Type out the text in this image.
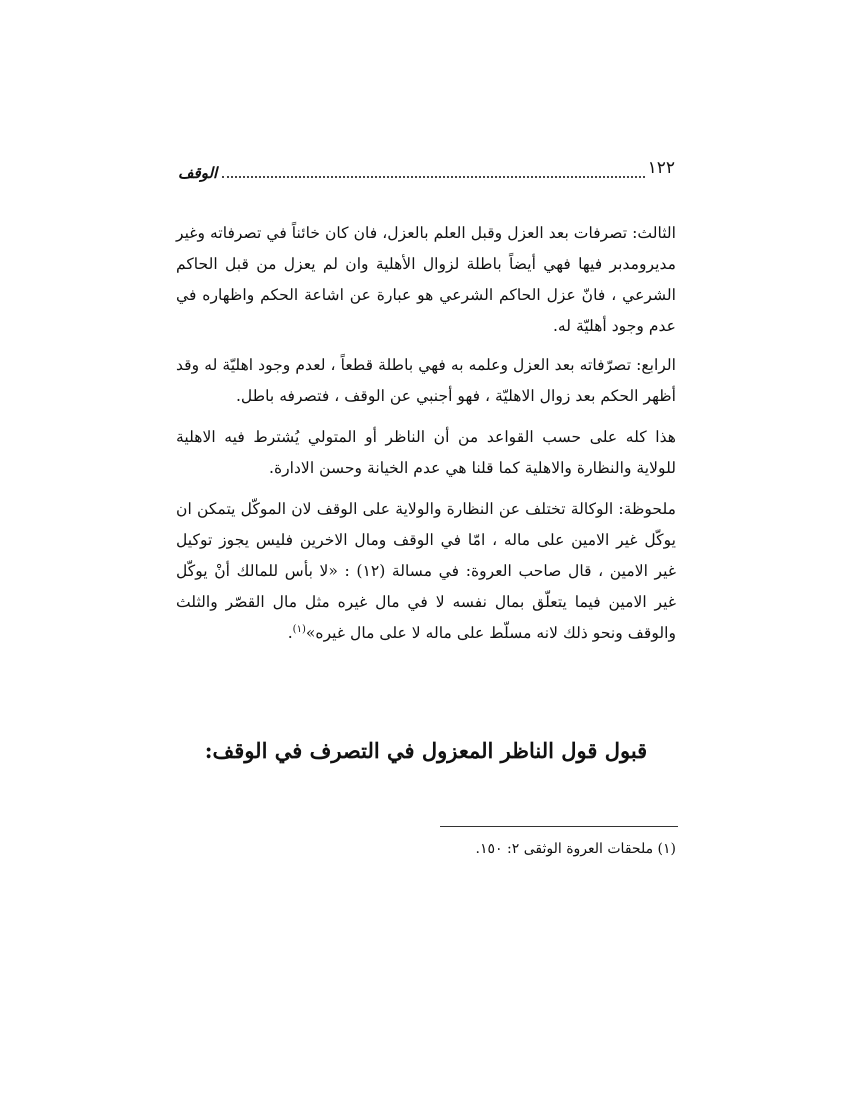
١٢٢
الوقف

الثالث: تصرفات بعد العزل وقبل العلم بالعزل، فان كان خائناً في تصرفاته وغير مديرومدبر فيها فهي أيضاً باطلة لزوال الأهلية وان لم يعزل من قبل الحاكم الشرعي ، فانّ عزل الحاكم الشرعي هو عبارة عن اشاعة الحكم واظهاره في عدم وجود أهليّة له.

الرابع: تصرّفاته بعد العزل وعلمه به فهي باطلة قطعاً ، لعدم وجود اهليّة له وقد أظهر الحكم بعد زوال الاهليّة ، فهو أجنبي عن الوقف ، فتصرفه باطل.

هذا كله على حسب القواعد من أن الناظر أو المتولي يُشترط فيه الاهلية للولاية والنظارة والاهلية كما قلنا هي عدم الخيانة وحسن الادارة.

ملحوظة: الوكالة تختلف عن النظارة والولاية على الوقف لان الموكّل يتمكن ان يوكّل غير الامين على ماله ، امّا في الوقف ومال الاخرين فليس يجوز توكيل غير الامين ، قال صاحب العروة: في مسالة (١٢) : «لا بأس للمالك أنْ يوكّل غير الامين فيما يتعلّق بمال نفسه لا في مال غيره مثل مال القصّر والثلث والوقف ونحو ذلك لانه مسلّط على ماله لا على مال غيره»$^{(١)}$.

قبول قول الناظر المعزول في التصرف في الوقف:

(١) ملحقات العروة الوثقى ٢: ١٥٠.
